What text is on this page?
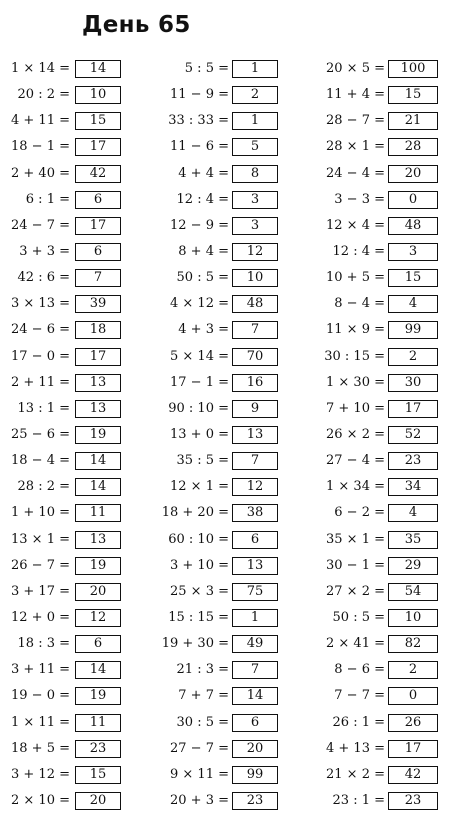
День 65
1 × 14 =	14
20 : 2 =	10
4 + 11 =	15
18 − 1 =	17
2 + 40 =	42
6 : 1 =	6
24 − 7 =	17
3 + 3 =	6
42 : 6 =	7
3 × 13 =	39
24 − 6 =	18
17 − 0 =	17
2 + 11 =	13
13 : 1 =	13
25 − 6 =	19
18 − 4 =	14
28 : 2 =	14
1 + 10 =	11
13 × 1 =	13
26 − 7 =	19
3 + 17 =	20
12 + 0 =	12
18 : 3 =	6
3 + 11 =	14
19 − 0 =	19
1 × 11 =	11
18 + 5 =	23
3 + 12 =	15
2 × 10 =	20
5 : 5 =	1
11 − 9 =	2
33 : 33 =	1
11 − 6 =	5
4 + 4 =	8
12 : 4 =	3
12 − 9 =	3
8 + 4 =	12
50 : 5 =	10
4 × 12 =	48
4 + 3 =	7
5 × 14 =	70
17 − 1 =	16
90 : 10 =	9
13 + 0 =	13
35 : 5 =	7
12 × 1 =	12
18 + 20 =	38
60 : 10 =	6
3 + 10 =	13
25 × 3 =	75
15 : 15 =	1
19 + 30 =	49
21 : 3 =	7
7 + 7 =	14
30 : 5 =	6
27 − 7 =	20
9 × 11 =	99
20 + 3 =	23
20 × 5 =	100
11 + 4 =	15
28 − 7 =	21
28 × 1 =	28
24 − 4 =	20
3 − 3 =	0
12 × 4 =	48
12 : 4 =	3
10 + 5 =	15
8 − 4 =	4
11 × 9 =	99
30 : 15 =	2
1 × 30 =	30
7 + 10 =	17
26 × 2 =	52
27 − 4 =	23
1 × 34 =	34
6 − 2 =	4
35 × 1 =	35
30 − 1 =	29
27 × 2 =	54
50 : 5 =	10
2 × 41 =	82
8 − 6 =	2
7 − 7 =	0
26 : 1 =	26
4 + 13 =	17
21 × 2 =	42
23 : 1 =	23
